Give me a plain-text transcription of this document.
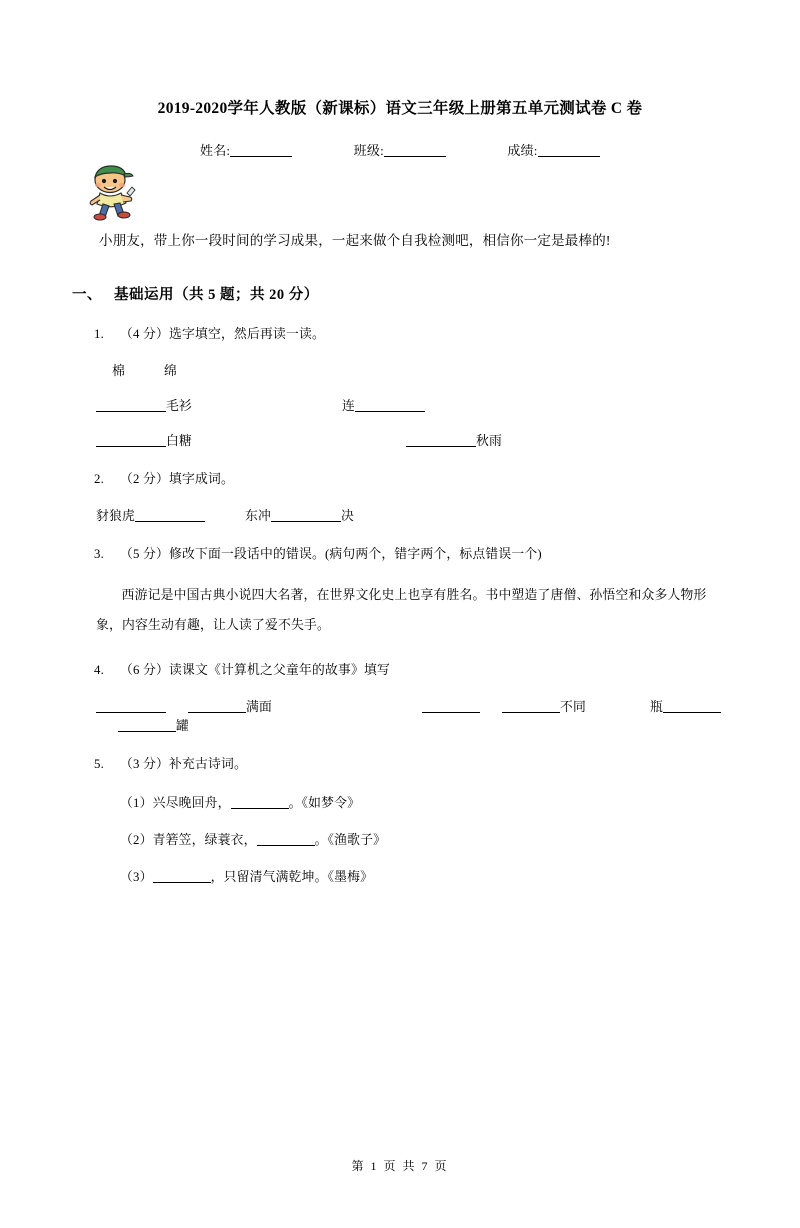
2019-2020学年人教版（新课标）语文三年级上册第五单元测试卷 C 卷
姓名:	班级:	成绩:
小朋友，带上你一段时间的学习成果，一起来做个自我检测吧，相信你一定是最棒的!
一、 基础运用（共 5 题；共 20 分）
1.	（4 分）选字填空，然后再读一读。
棉　　　绵
毛衫	连
白糖	秋雨
2.	（2 分）填字成词。
豺狼虎	东冲	决
3.	（5 分）修改下面一段话中的错误。(病句两个，错字两个，标点错误一个)
西游记是中国古典小说四大名著，在世界文化史上也享有胜名。书中塑造了唐僧、孙悟空和众多人物形象，内容生动有趣，让人读了爱不失手。
4.	（6 分）读课文《计算机之父童年的故事》填写
满面	不同	瓶罐
5.	（3 分）补充古诗词。
（1）兴尽晚回舟，	。《如梦令》
（2）青箬笠，绿蓑衣，	。《渔歌子》
（3）	，只留清气满乾坤。《墨梅》
第 1 页 共 7 页
